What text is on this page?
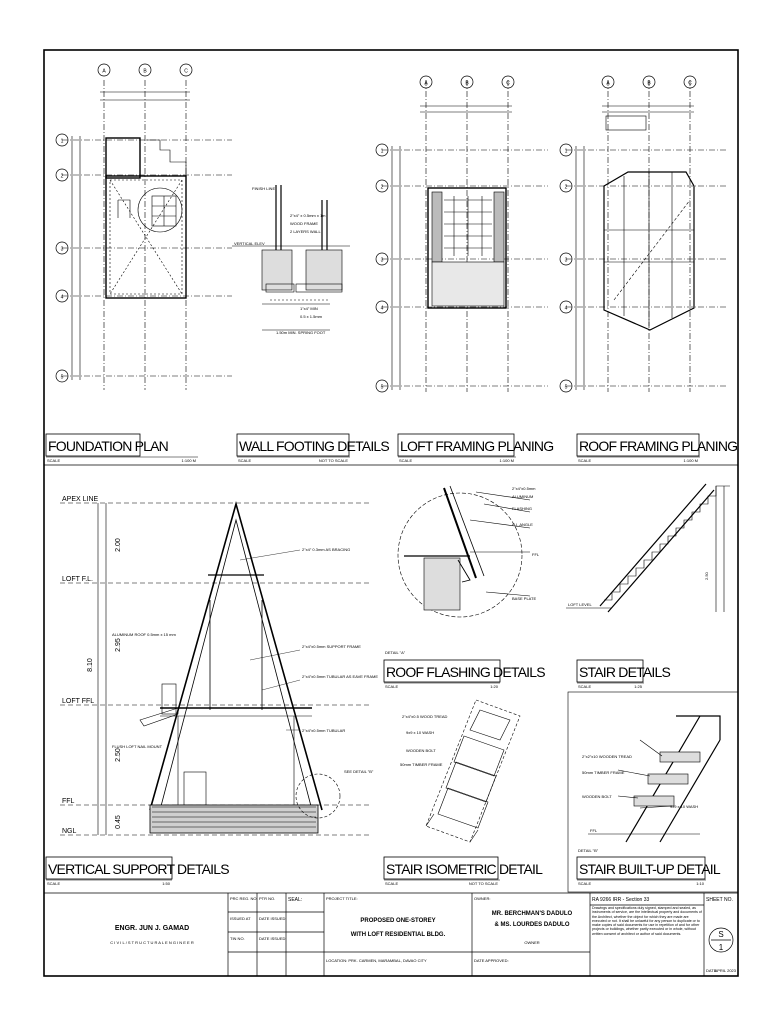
A	B	C
1
2
3
4
5
FINISH LINE
2"x4" x 0.5mm x 1m
WOOD FRAME
2 LAYERS WALL
VERTICAL ELEV
1"x4" MIN
0.5 x 1.5mm
1.50m MIN. SPRING FOOT
A	B	C
1
2
3
4
5
A	B	C
1
2
3
4
5
FOUNDATION PLAN
SCALE	1:100 M
WALL FOOTING DETAILS
SCALE	NOT TO SCALE
LOFT FRAMING PLANING
SCALE	1:100 M
ROOF FRAMING PLANING
SCALE	1:100 M
APEX LINE
LOFT F.L.
LOFT FFL
FFL
NGL
2.00
2.95
8.10
2.50
0.45
2"x4" 0.3mm AS BRACING
2"x4"x0.5mm SUPPORT FRAME
2"x4"x0.5mm TUBULAR AS EAVE FRAME
2"x4"x0.5mm TUBULAR
ALUMINUM ROOF 0.5mm x 15 mm
FLUSH LOFT NAIL MOUNT
SEE DETAIL "B"
2"x4"x0.5mm
ALUMINUM
FLASHING
G.I. ANGLE
FFL
BASE PLATE
DETAIL "A"
ROOF FLASHING DETAILS
SCALE	1:20
LOFT LEVEL
2.50
STAIR DETAILS
SCALE	1:25
2"x4"x0.5 WOOD TREAD
9x9 x 10 WASH
WOODEN BOLT
50mm TIMBER FRAME
STAIR ISOMETRIC DETAIL
SCALE	NOT TO SCALE
2"x2"x10 WOODEN TREAD
50mm TIMBER FRAME
WOODEN BOLT
9x9 x 10 WASH
FFL
DETAIL "B"
STAIR BUILT-UP DETAIL
SCALE	1:10
VERTICAL SUPPORT DETAILS
SCALE	1:50
ENGR. JUN J. GAMAD
C I V I L / S T R U C T U R A L E N G I N E E R
PRC REG. NO. PTR NO.
ISSUED AT DATE ISSUED
TIN NO.	DATE ISSUED
SEAL:	PROJECT TITLE:
PROPOSED ONE-STOREY
WITH LOFT RESIDENTIAL BLDG.
LOCATION: PRK. CARMEN, MARAMBAL, DAVAO CITY
OWNER:
MR. BERCHMAN'S DADULO
& MS. LOURDES DADULO
OWNER
DATE APPROVED:
RA 9266 IRR - Section 33	SHEET NO.
S
1
DATE
APRIL 2023
Drawings and specifications duly signed, stamped and sealed, as instruments of service, are the intellectual property and documents of the Architect, whether the object for which they are made are executed or not. It shall be unlawful for any person to duplicate or to make copies of said documents for use in repetition of and for other projects or buildings, whether partly executed or in whole, without written consent of architect or author of said documents.
